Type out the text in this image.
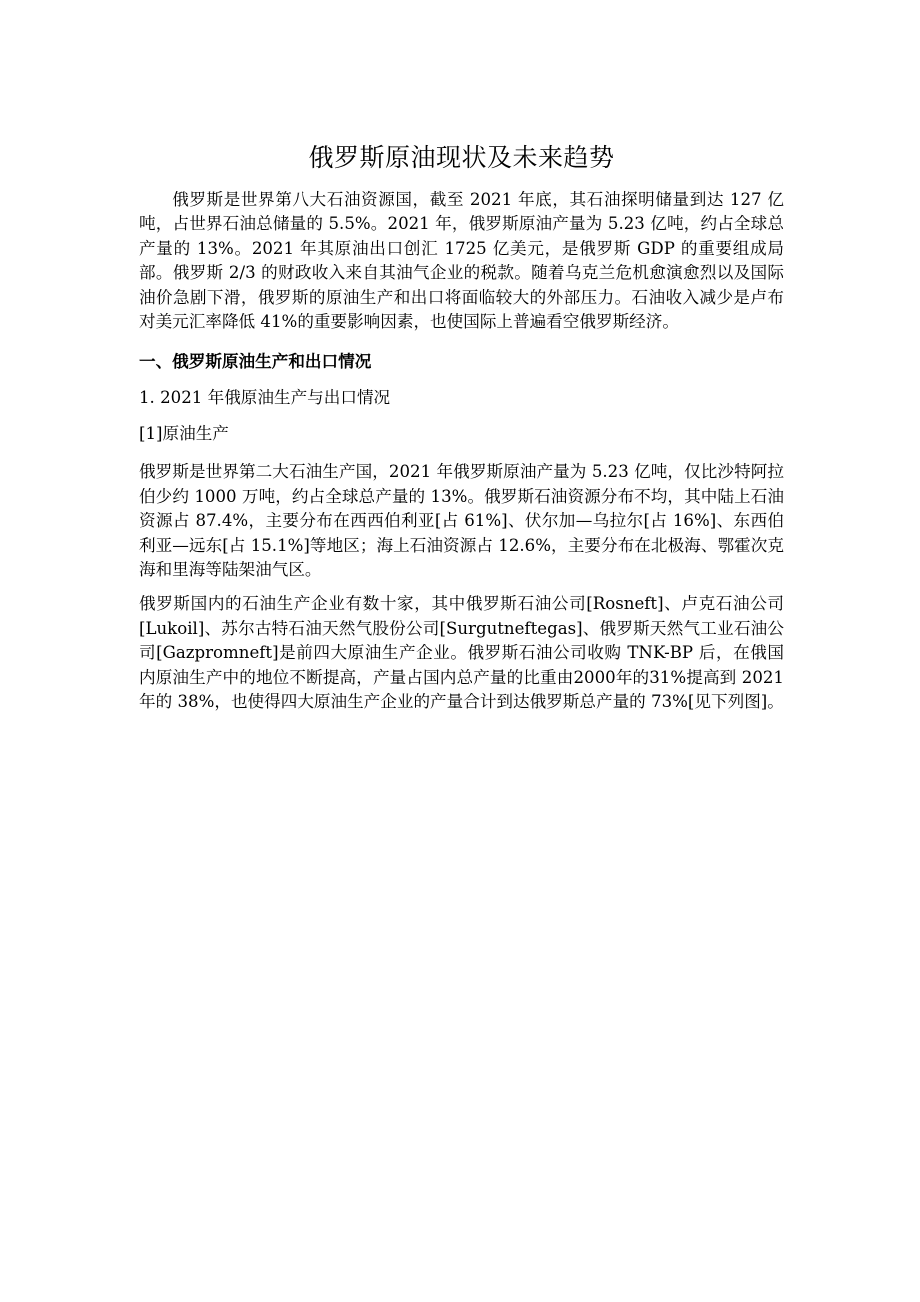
俄罗斯原油现状及未来趋势

俄罗斯是世界第八大石油资源国，截至 2021 年底，其石油探明储量到达 127 亿吨，占世界石油总储量的 5.5%。2021 年，俄罗斯原油产量为 5.23 亿吨，约占全球总产量的 13%。2021 年其原油出口创汇 1725 亿美元，是俄罗斯 GDP 的重要组成局部。俄罗斯 2/3 的财政收入来自其油气企业的税款。随着乌克兰危机愈演愈烈以及国际油价急剧下滑，俄罗斯的原油生产和出口将面临较大的外部压力。石油收入减少是卢布对美元汇率降低 41%的重要影响因素，也使国际上普遍看空俄罗斯经济。

一、俄罗斯原油生产和出口情况
1. 2021 年俄原油生产与出口情况
[1]原油生产

俄罗斯是世界第二大石油生产国，2021 年俄罗斯原油产量为 5.23 亿吨，仅比沙特阿拉伯少约 1000 万吨，约占全球总产量的 13%。俄罗斯石油资源分布不均，其中陆上石油资源占 87.4%，主要分布在西西伯利亚[占 61%]、伏尔加—乌拉尔[占 16%]、东西伯利亚—远东[占 15.1%]等地区；海上石油资源占 12.6%，主要分布在北极海、鄂霍次克海和里海等陆架油气区。

俄罗斯国内的石油生产企业有数十家，其中俄罗斯石油公司[Rosneft]、卢克石油公司[Lukoil]、苏尔古特石油天然气股份公司[Surgutneftegas]、俄罗斯天然气工业石油公司[Gazpromneft]是前四大原油生产企业。俄罗斯石油公司收购 TNK-BP 后，在俄国内原油生产中的地位不断提高，产量占国内总产量的比重由2000年的31%提高到 2021 年的 38%，也使得四大原油生产企业的产量合计到达俄罗斯总产量的 73%[见下列图]。
